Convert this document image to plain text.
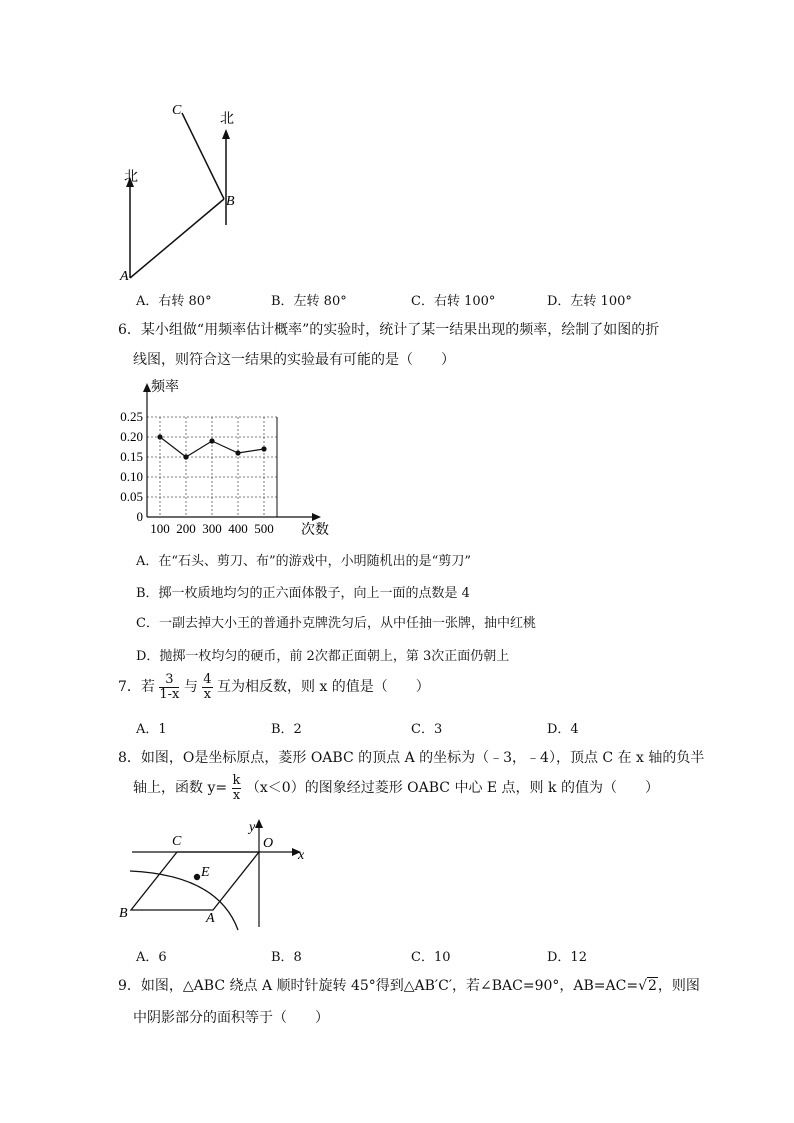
北
北
C
B
A
A．右转 80°	B．左转 80°	C．右转 100°	D．左转 100°
6．某小组做“用频率估计概率”的实验时，统计了某一结果出现的频率，绘制了如图的折
线图，则符合这一结果的实验最有可能的是（　　）
0
0.05
0.10
0.15
0.20
0.25
100 200 300 400 500
频率
次数
A．在“石头、剪刀、布”的游戏中，小明随机出的是“剪刀”
B．掷一枚质地均匀的正六面体骰子，向上一面的点数是 4
C．一副去掉大小王的普通扑克牌洗匀后，从中任抽一张牌，抽中红桃
D．抛掷一枚均匀的硬币，前 2次都正面朝上，第 3次正面仍朝上
7．若 $\frac{3}{1-x}$ 与 $\frac{4}{x}$ 互为相反数，则 x 的值是（　　）
A．1	B．2	C．3	D．4
8．如图，O是坐标原点，菱形 OABC 的顶点 A 的坐标为（﹣3，﹣4），顶点 C 在 x 轴的负半
轴上，函数 $y= \frac{k}{x} (x<0)$的图象经过菱形 OABC 中心 E 点，则 k 的值为（　　）
C
y
O
x
E
B	A
A．6	B．8	C．10	D．12
9．如图，△ABC 绕点 A 顺时针旋转 45°得到△AB′C′，若∠BAC=90°，AB=AC=√2，则图
中阴影部分的面积等于（　　）
